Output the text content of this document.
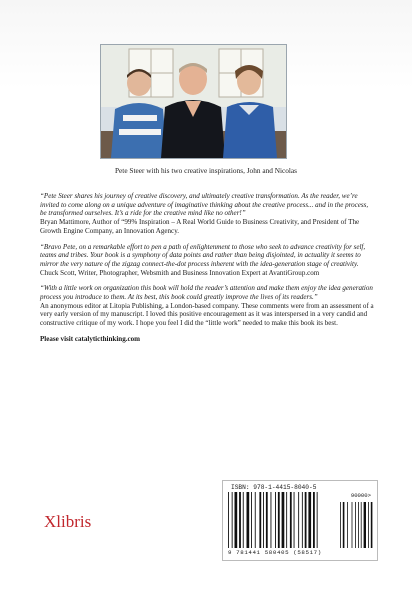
Pete Steer with his two creative inspirations, John and Nicolas

“Pete Steer shares his journey of creative discovery, and ultimately creative transformation. As the reader, we’re invited to come along on a unique adventure of imaginative thinking about the creative process... and in the process, be transformed ourselves. It’s a ride for the creative mind like no other!”
Bryan Mattimore, Author of “99% Inspiration – A Real World Guide to Business Creativity, and President of The Growth Engine Company, an Innovation Agency.

“Bravo Pete, on a remarkable effort to pen a path of enlightenment to those who seek to advance creativity for self, teams and tribes. Your book is a symphony of data points and rather than being disjointed, in actuality it seems to mirror the very nature of the zigzag connect-the-dot process inherent with the idea-generation stage of creativity.
Chuck Scott, Writer, Photographer, Websmith and Business Innovation Expert at AvantiGroup.com

“With a little work on organization this book will hold the reader’s attention and make them enjoy the idea generation process you introduce to them. At its best, this book could greatly improve the lives of its readers.”
An anonymous editor at Litopia Publishing, a London-based company. These comments were from an assessment of a very early version of my manuscript. I loved this positive encouragement as it was interspersed in a very candid and constructive critique of my work. I hope you feel I did the “little work” needed to make this book its best.

Please visit catalyticthinking.com

ISBN: 978-1-4415-8040-5
90000>
9 781441 580405 (58517)
Xlibris
